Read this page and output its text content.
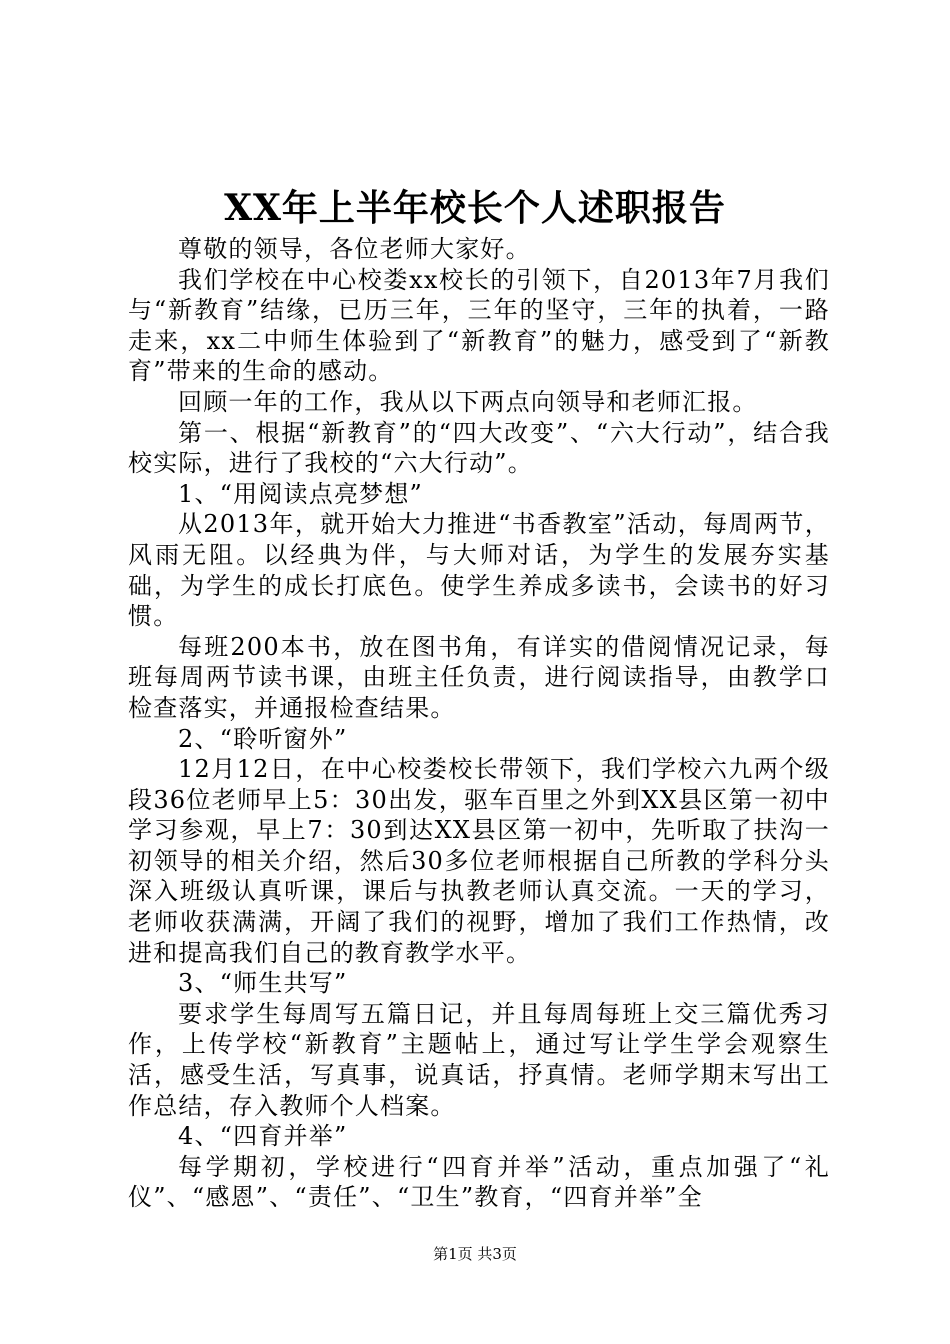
XX年上半年校长个人述职报告

尊敬的领导，各位老师大家好。

我们学校在中心校娄xx校长的引领下，自2013年7月我们与“新教育”结缘，已历三年，三年的坚守，三年的执着，一路走来，xx二中师生体验到了“新教育”的魅力，感受到了“新教育”带来的生命的感动。

回顾一年的工作，我从以下两点向领导和老师汇报。

第一、根据“新教育”的“四大改变”、“六大行动”，结合我校实际，进行了我校的“六大行动”。

1、“用阅读点亮梦想”

从2013年，就开始大力推进“书香教室”活动，每周两节，风雨无阻。以经典为伴，与大师对话，为学生的发展夯实基础，为学生的成长打底色。使学生养成多读书，会读书的好习惯。

每班200本书，放在图书角，有详实的借阅情况记录，每班每周两节读书课，由班主任负责，进行阅读指导，由教学口检查落实，并通报检查结果。

2、“聆听窗外”

12月12日，在中心校娄校长带领下，我们学校六九两个级段36位老师早上5：30出发，驱车百里之外到XX县区第一初中学习参观，早上7：30到达XX县区第一初中，先听取了扶沟一初领导的相关介绍，然后30多位老师根据自己所教的学科分头深入班级认真听课，课后与执教老师认真交流。一天的学习，老师收获满满，开阔了我们的视野，增加了我们工作热情，改进和提高我们自己的教育教学水平。

3、“师生共写”

要求学生每周写五篇日记，并且每周每班上交三篇优秀习作，上传学校“新教育”主题帖上，通过写让学生学会观察生活，感受生活，写真事，说真话，抒真情。老师学期末写出工作总结，存入教师个人档案。

4、“四育并举”

每学期初，学校进行“四育并举”活动，重点加强了“礼仪”、“感恩”、“责任”、“卫生”教育，“四育并举”全

第1页 共3页
